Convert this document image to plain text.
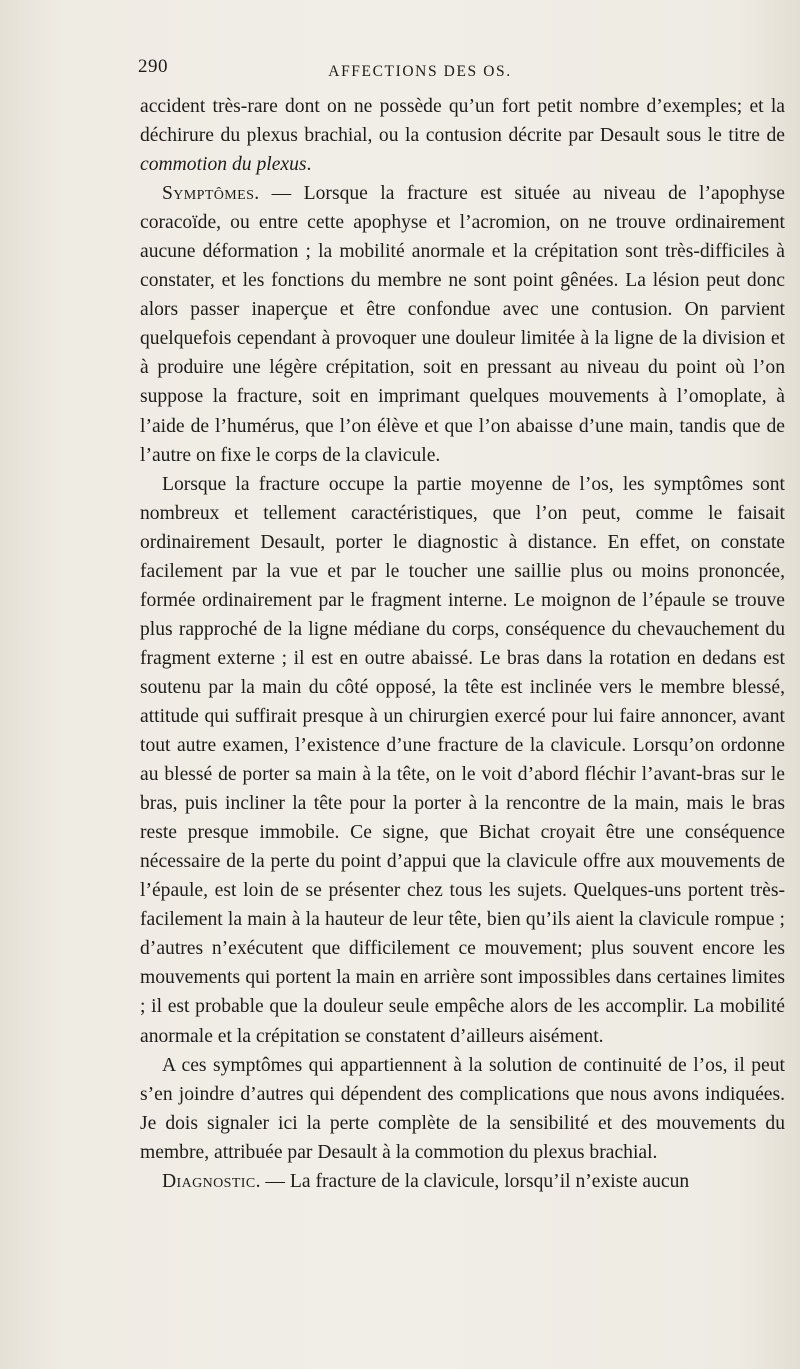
290	AFFECTIONS DES OS.

accident très-rare dont on ne possède qu’un fort petit nombre d’exemples; et la déchirure du plexus brachial, ou la contusion décrite par Desault sous le titre de commotion du plexus.

Symptômes. — Lorsque la fracture est située au niveau de l’apophyse coracoïde, ou entre cette apophyse et l’acromion, on ne trouve ordinairement aucune déformation ; la mobilité anormale et la crépitation sont très-difficiles à constater, et les fonctions du membre ne sont point gênées. La lésion peut donc alors passer inaperçue et être confondue avec une contusion. On parvient quelquefois cependant à provoquer une douleur limitée à la ligne de la division et à produire une légère crépitation, soit en pressant au niveau du point où l’on suppose la fracture, soit en imprimant quelques mouvements à l’omoplate, à l’aide de l’humérus, que l’on élève et que l’on abaisse d’une main, tandis que de l’autre on fixe le corps de la clavicule.

Lorsque la fracture occupe la partie moyenne de l’os, les symptômes sont nombreux et tellement caractéristiques, que l’on peut, comme le faisait ordinairement Desault, porter le diagnostic à distance. En effet, on constate facilement par la vue et par le toucher une saillie plus ou moins prononcée, formée ordinairement par le fragment interne. Le moignon de l’épaule se trouve plus rapproché de la ligne médiane du corps, conséquence du chevauchement du fragment externe ; il est en outre abaissé. Le bras dans la rotation en dedans est soutenu par la main du côté opposé, la tête est inclinée vers le membre blessé, attitude qui suffirait presque à un chirurgien exercé pour lui faire annoncer, avant tout autre examen, l’existence d’une fracture de la clavicule. Lorsqu’on ordonne au blessé de porter sa main à la tête, on le voit d’abord fléchir l’avant-bras sur le bras, puis incliner la tête pour la porter à la rencontre de la main, mais le bras reste presque immobile. Ce signe, que Bichat croyait être une conséquence nécessaire de la perte du point d’appui que la clavicule offre aux mouvements de l’épaule, est loin de se présenter chez tous les sujets. Quelques-uns portent très-facilement la main à la hauteur de leur tête, bien qu’ils aient la clavicule rompue ; d’autres n’exécutent que difficilement ce mouvement; plus souvent encore les mouvements qui portent la main en arrière sont impossibles dans certaines limites ; il est probable que la douleur seule empêche alors de les accomplir. La mobilité anormale et la crépitation se constatent d’ailleurs aisément.

A ces symptômes qui appartiennent à la solution de continuité de l’os, il peut s’en joindre d’autres qui dépendent des complications que nous avons indiquées. Je dois signaler ici la perte complète de la sensibilité et des mouvements du membre, attribuée par Desault à la commotion du plexus brachial.

Diagnostic. — La fracture de la clavicule, lorsqu’il n’existe aucun
